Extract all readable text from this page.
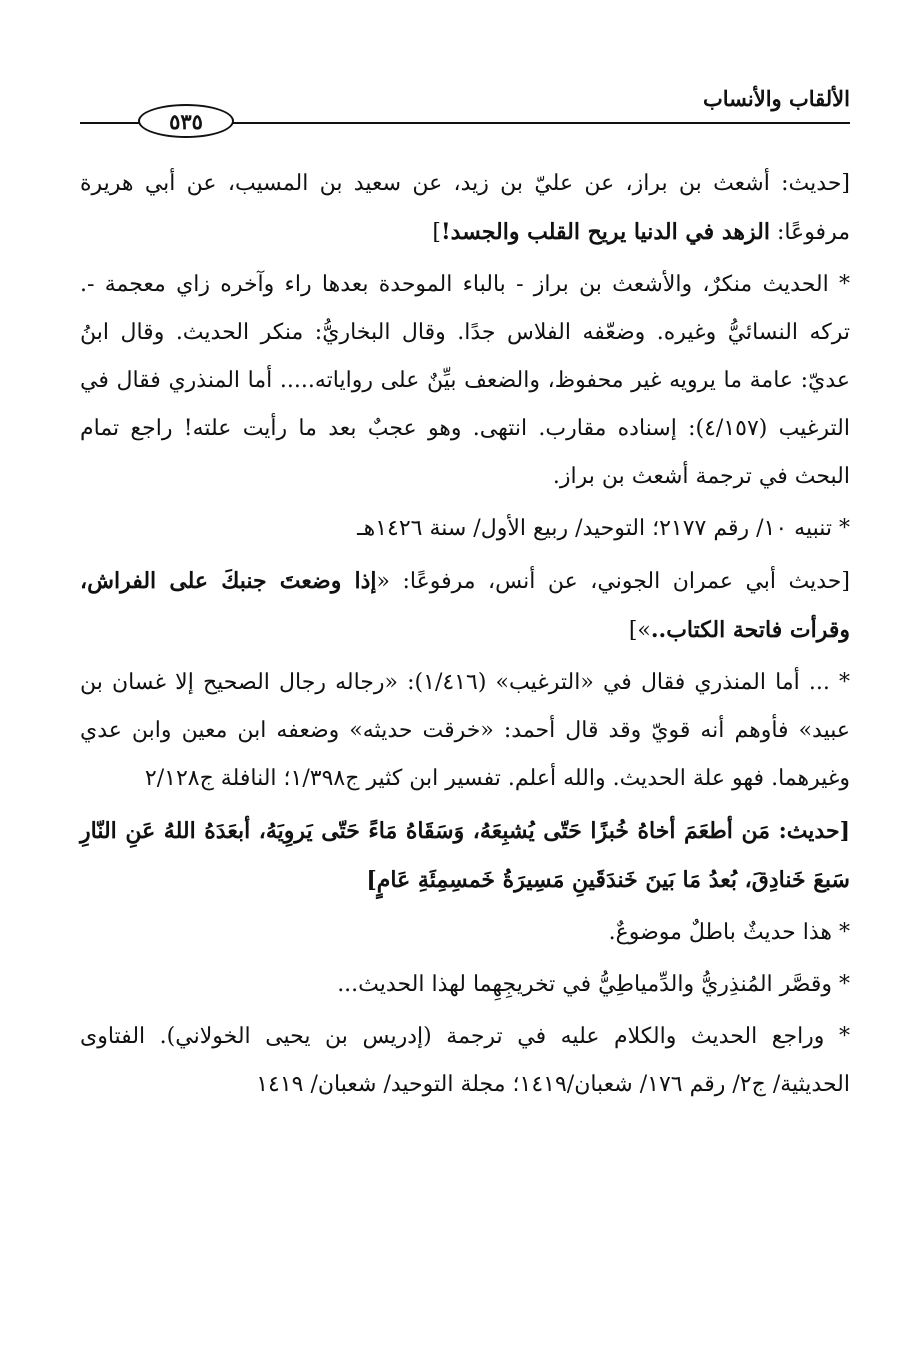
الألقاب والأنساب
٥٣٥

[حديث: أشعث بن براز، عن عليّ بن زيد، عن سعيد بن المسيب، عن أبي هريرة مرفوعًا: الزهد في الدنيا يريح القلب والجسد!]

* الحديث منكرٌ، والأشعث بن براز - بالباء الموحدة بعدها راء وآخره زاي معجمة -. تركه النسائيُّ وغيره. وضعّفه الفلاس جدًا. وقال البخاريُّ: منكر الحديث. وقال ابنُ عديّ: عامة ما يرويه غير محفوظ، والضعف بيِّنٌ على رواياته..... أما المنذري فقال في الترغيب (٤/١٥٧): إسناده مقارب. انتهى. وهو عجبٌ بعد ما رأيت علته! راجع تمام البحث في ترجمة أشعث بن براز.

* تنبيه ١٠/ رقم ٢١٧٧؛ التوحيد/ ربيع الأول/ سنة ١٤٢٦هـ

[حديث أبي عمران الجوني، عن أنس، مرفوعًا: «إذا وضعتَ جنبكَ على الفراش، وقرأت فاتحة الكتاب..»]

* ... أما المنذري فقال في «الترغيب» (١/٤١٦): «رجاله رجال الصحيح إلا غسان بن عبيد» فأوهم أنه قويّ وقد قال أحمد: «خرقت حديثه» وضعفه ابن معين وابن عدي وغيرهما. فهو علة الحديث. والله أعلم. تفسير ابن كثير ج١/٣٩٨؛ النافلة ج٢/١٢٨

[حديث: مَن أطعَمَ أخاهُ خُبزًا حَتّى يُشبِعَهُ، وَسَقَاهُ مَاءً حَتّى يَروِيَهُ، أبعَدَهُ اللهُ عَنِ النّارِ سَبعَ خَنادِقَ، بُعدُ مَا بَينَ خَندَقَينِ مَسِيرَةُ خَمسِمِئَةِ عَامٍ]

* هذا حديثٌ باطلٌ موضوعٌ.

* وقصَّر المُنذِريُّ والدِّمياطِيُّ في تخريجِهِما لهذا الحديث...

* وراجع الحديث والكلام عليه في ترجمة (إدريس بن يحيى الخولاني). الفتاوى الحديثية/ ج٢/ رقم ١٧٦/ شعبان/١٤١٩؛ مجلة التوحيد/ شعبان/ ١٤١٩
